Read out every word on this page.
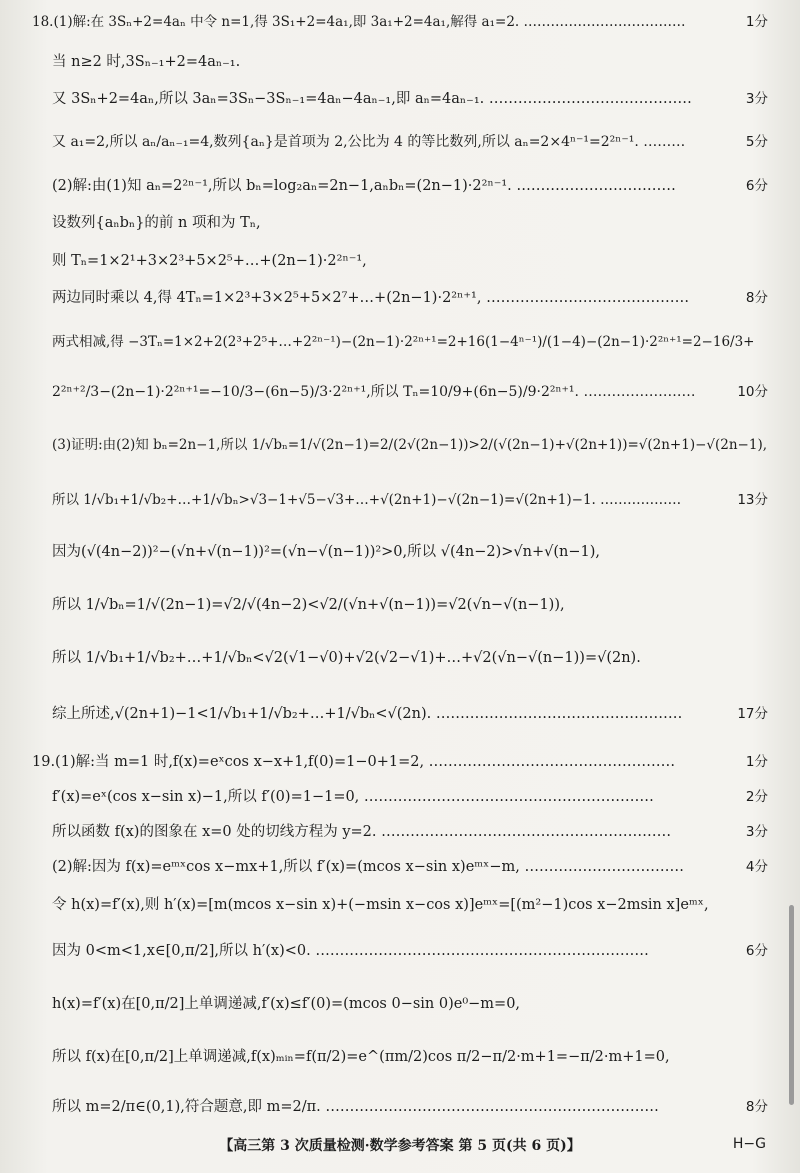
18.(1)解:在 3Sₙ+2=4aₙ 中令 n=1,得 3S₁+2=4a₁,即 3a₁+2=4a₁,解得 a₁=2. ………………………………	1分
当 n≥2 时,3Sₙ₋₁+2=4aₙ₋₁.
又 3Sₙ+2=4aₙ,所以 3aₙ=3Sₙ−3Sₙ₋₁=4aₙ−4aₙ₋₁,即 aₙ=4aₙ₋₁. ……………………………………	3分
又 a₁=2,所以 aₙ/aₙ₋₁=4,数列{aₙ}是首项为 2,公比为 4 的等比数列,所以 aₙ=2×4ⁿ⁻¹=2²ⁿ⁻¹. ………	5分
(2)解:由(1)知 aₙ=2²ⁿ⁻¹,所以 bₙ=log₂aₙ=2n−1,aₙbₙ=(2n−1)·2²ⁿ⁻¹. ……………………………	6分
设数列{aₙbₙ}的前 n 项和为 Tₙ,
则 Tₙ=1×2¹+3×2³+5×2⁵+…+(2n−1)·2²ⁿ⁻¹,
两边同时乘以 4,得 4Tₙ=1×2³+3×2⁵+5×2⁷+…+(2n−1)·2²ⁿ⁺¹, ……………………………………	8分
两式相减,得 −3Tₙ=1×2+2(2³+2⁵+…+2²ⁿ⁻¹)−(2n−1)·2²ⁿ⁺¹=2+16(1−4ⁿ⁻¹)/(1−4)−(2n−1)·2²ⁿ⁺¹=2−16/3+
2²ⁿ⁺²/3−(2n−1)·2²ⁿ⁺¹=−10/3−(6n−5)/3·2²ⁿ⁺¹,所以 Tₙ=10/9+(6n−5)/9·2²ⁿ⁺¹. ……………………	10分
(3)证明:由(2)知 bₙ=2n−1,所以 1/√bₙ=1/√(2n−1)=2/(2√(2n−1))>2/(√(2n−1)+√(2n+1))=√(2n+1)−√(2n−1),
所以 1/√b₁+1/√b₂+…+1/√bₙ>√3−1+√5−√3+…+√(2n+1)−√(2n−1)=√(2n+1)−1. ………………	13分
因为(√(4n−2))²−(√n+√(n−1))²=(√n−√(n−1))²>0,所以 √(4n−2)>√n+√(n−1),
所以 1/√bₙ=1/√(2n−1)=√2/√(4n−2)<√2/(√n+√(n−1))=√2(√n−√(n−1)),
所以 1/√b₁+1/√b₂+…+1/√bₙ<√2(√1−√0)+√2(√2−√1)+…+√2(√n−√(n−1))=√(2n).
综上所述,√(2n+1)−1<1/√b₁+1/√b₂+…+1/√bₙ<√(2n). ……………………………………………	17分
19.(1)解:当 m=1 时,f(x)=eˣcos x−x+1,f(0)=1−0+1=2, ……………………………………………	1分
f′(x)=eˣ(cos x−sin x)−1,所以 f′(0)=1−1=0, ……………………………………………………	2分
所以函数 f(x)的图象在 x=0 处的切线方程为 y=2. ……………………………………………………	3分
(2)解:因为 f(x)=eᵐˣcos x−mx+1,所以 f′(x)=(mcos x−sin x)eᵐˣ−m, ……………………………	4分
令 h(x)=f′(x),则 h′(x)=[m(mcos x−sin x)+(−msin x−cos x)]eᵐˣ=[(m²−1)cos x−2msin x]eᵐˣ,
因为 0<m<1,x∈[0,π/2],所以 h′(x)<0. ……………………………………………………………	6分
h(x)=f′(x)在[0,π/2]上单调递减,f′(x)≤f′(0)=(mcos 0−sin 0)e⁰−m=0,
所以 f(x)在[0,π/2]上单调递减,f(x)ₘᵢₙ=f(π/2)=e^(πm/2)cos π/2−π/2·m+1=−π/2·m+1=0,
所以 m=2/π∈(0,1),符合题意,即 m=2/π. ……………………………………………………………	8分
【高三第 3 次质量检测·数学参考答案 第 5 页(共 6 页)】	H−G
